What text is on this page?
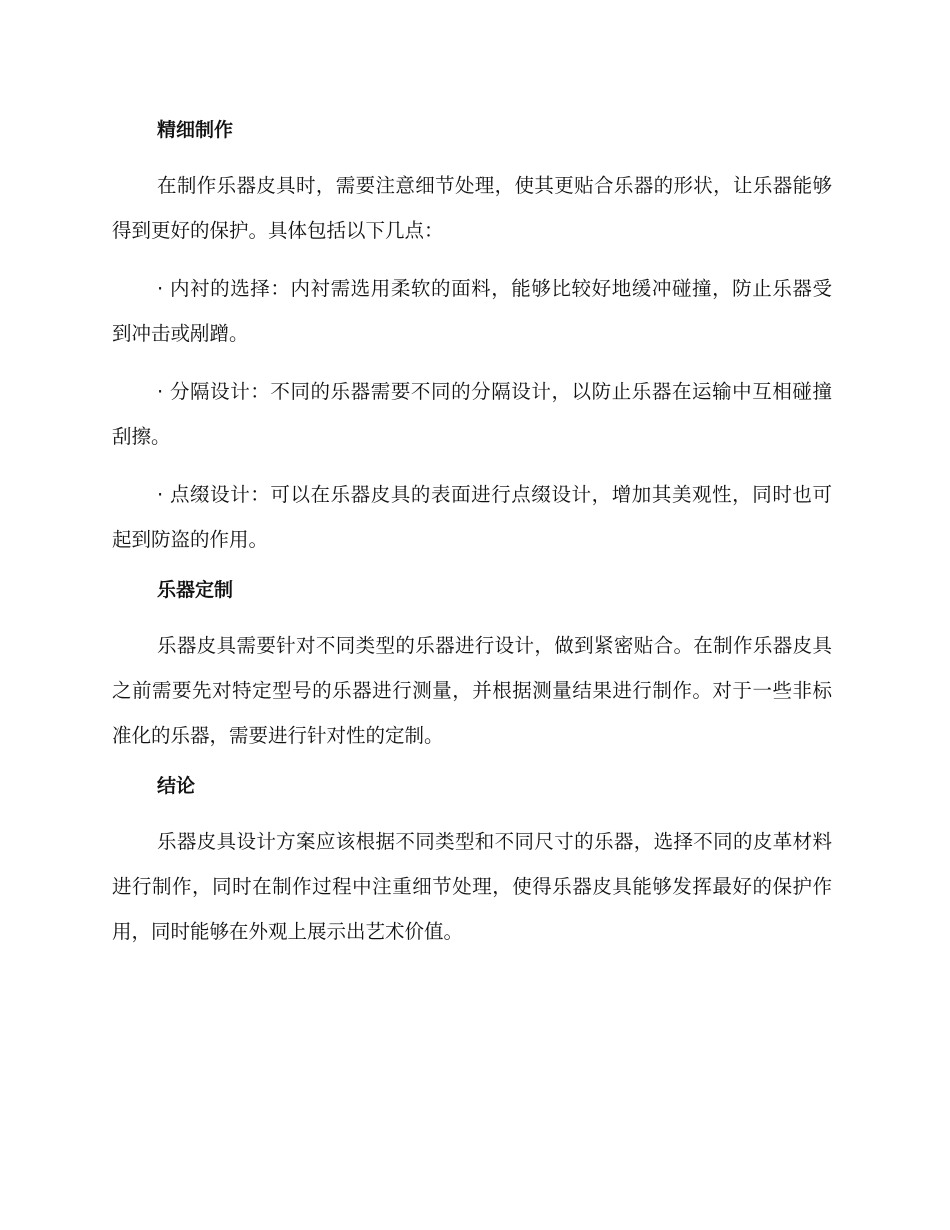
精细制作

在制作乐器皮具时，需要注意细节处理，使其更贴合乐器的形状，让乐器能够得到更好的保护。具体包括以下几点：

· 内衬的选择：内衬需选用柔软的面料，能够比较好地缓冲碰撞，防止乐器受到冲击或剐蹭。

· 分隔设计：不同的乐器需要不同的分隔设计，以防止乐器在运输中互相碰撞刮擦。

· 点缀设计：可以在乐器皮具的表面进行点缀设计，增加其美观性，同时也可起到防盗的作用。

乐器定制

乐器皮具需要针对不同类型的乐器进行设计，做到紧密贴合。在制作乐器皮具之前需要先对特定型号的乐器进行测量，并根据测量结果进行制作。对于一些非标准化的乐器，需要进行针对性的定制。

结论

乐器皮具设计方案应该根据不同类型和不同尺寸的乐器，选择不同的皮革材料进行制作，同时在制作过程中注重细节处理，使得乐器皮具能够发挥最好的保护作用，同时能够在外观上展示出艺术价值。
